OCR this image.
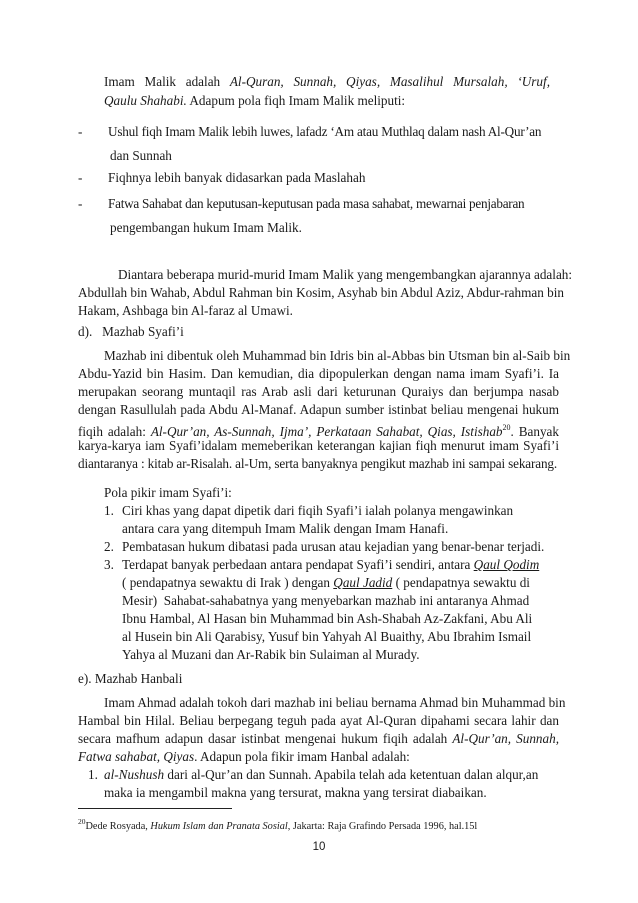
Imam Malik adalah Al-Quran, Sunnah, Qiyas, Masalihul Mursalah, ‘Uruf,
Qaulu Shahabi. Adapum pola fiqh Imam Malik meliputi:
- Ushul fiqh Imam Malik lebih luwes, lafadz ‘Am atau Muthlaq dalam nash Al-Qur’an
dan Sunnah
- Fiqhnya lebih banyak didasarkan pada Maslahah
- Fatwa Sahabat dan keputusan-keputusan pada masa sahabat, mewarnai penjabaran
pengembangan hukum Imam Malik.
Diantara beberapa murid-murid Imam Malik yang mengembangkan ajarannya adalah:
Abdullah bin Wahab, Abdul Rahman bin Kosim, Asyhab bin Abdul Aziz, Abdur-rahman bin
Hakam, Ashbaga bin Al-faraz al Umawi.
d).   Mazhab Syafi’i
Mazhab ini dibentuk oleh Muhammad bin Idris bin al-Abbas bin Utsman bin al-Saib bin
Abdu-Yazid bin Hasim. Dan kemudian, dia dipopulerkan dengan nama imam Syafi’i. Ia
merupakan seorang muntaqil ras Arab asli dari keturunan Quraiys dan berjumpa nasab
dengan Rasullulah pada Abdu Al-Manaf. Adapun sumber istinbat beliau mengenai hukum
fiqih adalah: Al-Qur’an, As-Sunnah, Ijma’, Perkataan Sahabat, Qias, Istishab$^{20}$. Banyak
karya-karya iam Syafi’idalam memeberikan keterangan kajian fiqh menurut imam Syafi’i
diantaranya : kitab ar-Risalah. al-Um, serta banyaknya pengikut mazhab ini sampai sekarang.
Pola pikir imam Syafi’i:
1. Ciri khas yang dapat dipetik dari fiqih Syafi’i ialah polanya mengawinkan
antara cara yang ditempuh Imam Malik dengan Imam Hanafi.
2. Pembatasan hukum dibatasi pada urusan atau kejadian yang benar-benar terjadi.
3. Terdapat banyak perbedaan antara pendapat Syafi’i sendiri, antara Qaul Qodim
( pendapatnya sewaktu di Irak ) dengan Qaul Jadid ( pendapatnya sewaktu di
Mesir)  Sahabat-sahabatnya yang menyebarkan mazhab ini antaranya Ahmad
Ibnu Hambal, Al Hasan bin Muhammad bin Ash-Shabah Az-Zakfani, Abu Ali
al Husein bin Ali Qarabisy, Yusuf bin Yahyah Al Buaithy, Abu Ibrahim Ismail
Yahya al Muzani dan Ar-Rabik bin Sulaiman al Murady.
e). Mazhab Hanbali
Imam Ahmad adalah tokoh dari mazhab ini beliau bernama Ahmad bin Muhammad bin
Hambal bin Hilal. Beliau berpegang teguh pada ayat Al-Quran dipahami secara lahir dan
secara mafhum adapun dasar istinbat mengenai hukum fiqih adalah Al-Qur’an, Sunnah,
Fatwa sahabat, Qiyas. Adapun pola fikir imam Hanbal adalah:
1. al-Nushush dari al-Qur’an dan Sunnah. Apabila telah ada ketentuan dalan alqur,an
maka ia mengambil makna yang tersurat, makna yang tersirat diabaikan.
$^{20}$Dede Rosyada, Hukum Islam dan Pranata Sosial, Jakarta: Raja Grafindo Persada 1996, hal.15l
10
